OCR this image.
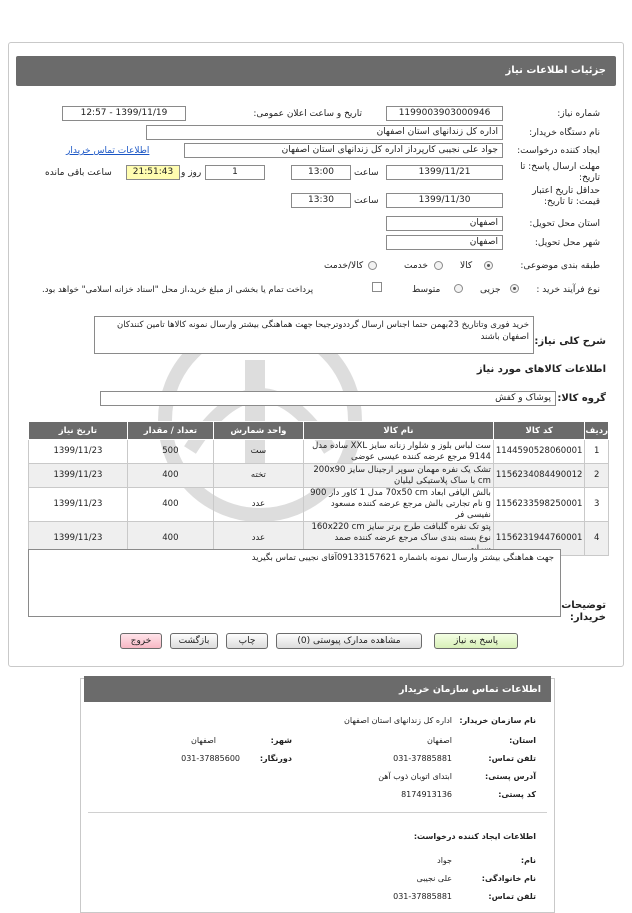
جزئیات اطلاعات نیاز
شماره نیاز:
1199003903000946
تاریخ و ساعت اعلان عمومی:
1399/11/19 - 12:57
نام دستگاه خریدار:
اداره کل زندانهای استان اصفهان
ایجاد کننده درخواست:
جواد علی نجیبی کارپرداز اداره کل زندانهای استان اصفهان
اطلاعات تماس خریدار
مهلت ارسال پاسخ: تا تاریخ:
1399/11/21
ساعت
13:00
1
روز و
21:51:43
ساعت باقی مانده
حداقل تاریخ اعتبار قیمت: تا تاریخ:
1399/11/30
ساعت
13:30
استان محل تحویل:
اصفهان
شهر محل تحویل:
اصفهان
طبقه بندی موضوعی:
کالا
خدمت
کالا/خدمت
نوع فرآیند خرید :
جزیی
متوسط
پرداخت تمام یا بخشی از مبلغ خرید،از محل "اسناد خزانه اسلامی" خواهد بود.
شرح کلی نیاز:
خرید فوری وتاتاریخ 23بهمن حتما اجناس ارسال گرددوترجیحا جهت هماهنگی بیشتر وارسال نمونه کالاها تامین کنندکان اصفهان باشند
اطلاعات کالاهای مورد نیاز
گروه کالا:
پوشاک و کفش
ردیف	کد کالا	نام کالا	واحد شمارش	تعداد / مقدار	تاریخ نیاز
1	1144590528060001	ست لباس بلوز و شلوار زنانه سایز XXL ساده مدل 9144 مرجع عرضه کننده عیسی عوضی	ست	500	1399/11/23
2	1156234084490012	تشک یک نفره مهمان سوپر ارجینال سایز 200x90 cm با ساک پلاستیکی لیلیان	تخته	400	1399/11/23
3	1156233598250001	بالش الیافی ابعاد 70x50 cm مدل 1 کاور دار 900 g نام تجارتی بالش مرجع عرضه کننده مسعود نفیسی فر	عدد	400	1399/11/23
4	1156231944760001	پتو تک نفره گلبافت طرح برتر سایز 160x220 cm نوع بسته بندی ساک مرجع عرضه کننده صمد	عدد	400	1399/11/23
توضیحات خریدار:
جهت هماهنگی بیشتر وارسال نمونه باشماره 09133157621آقای نجیبی تماس بگیرید
پاسخ به نیاز
مشاهده مدارک پیوستی (0)
چاپ
بازگشت
خروج
اطلاعات تماس سازمان خریدار
نام سازمان خریدار:
اداره کل زندانهای استان اصفهان
استان:
اصفهان
شهر:
اصفهان
تلفن تماس:
031-37885881
دورنگار:
031-37885600
آدرس پستی:
ابتدای اتوبان ذوب آهن
کد پستی:
8174913136
اطلاعات ایجاد کننده درخواست:
نام:
جواد
نام خانوادگی:
علی نجیبی
تلفن تماس:
031-37885881
